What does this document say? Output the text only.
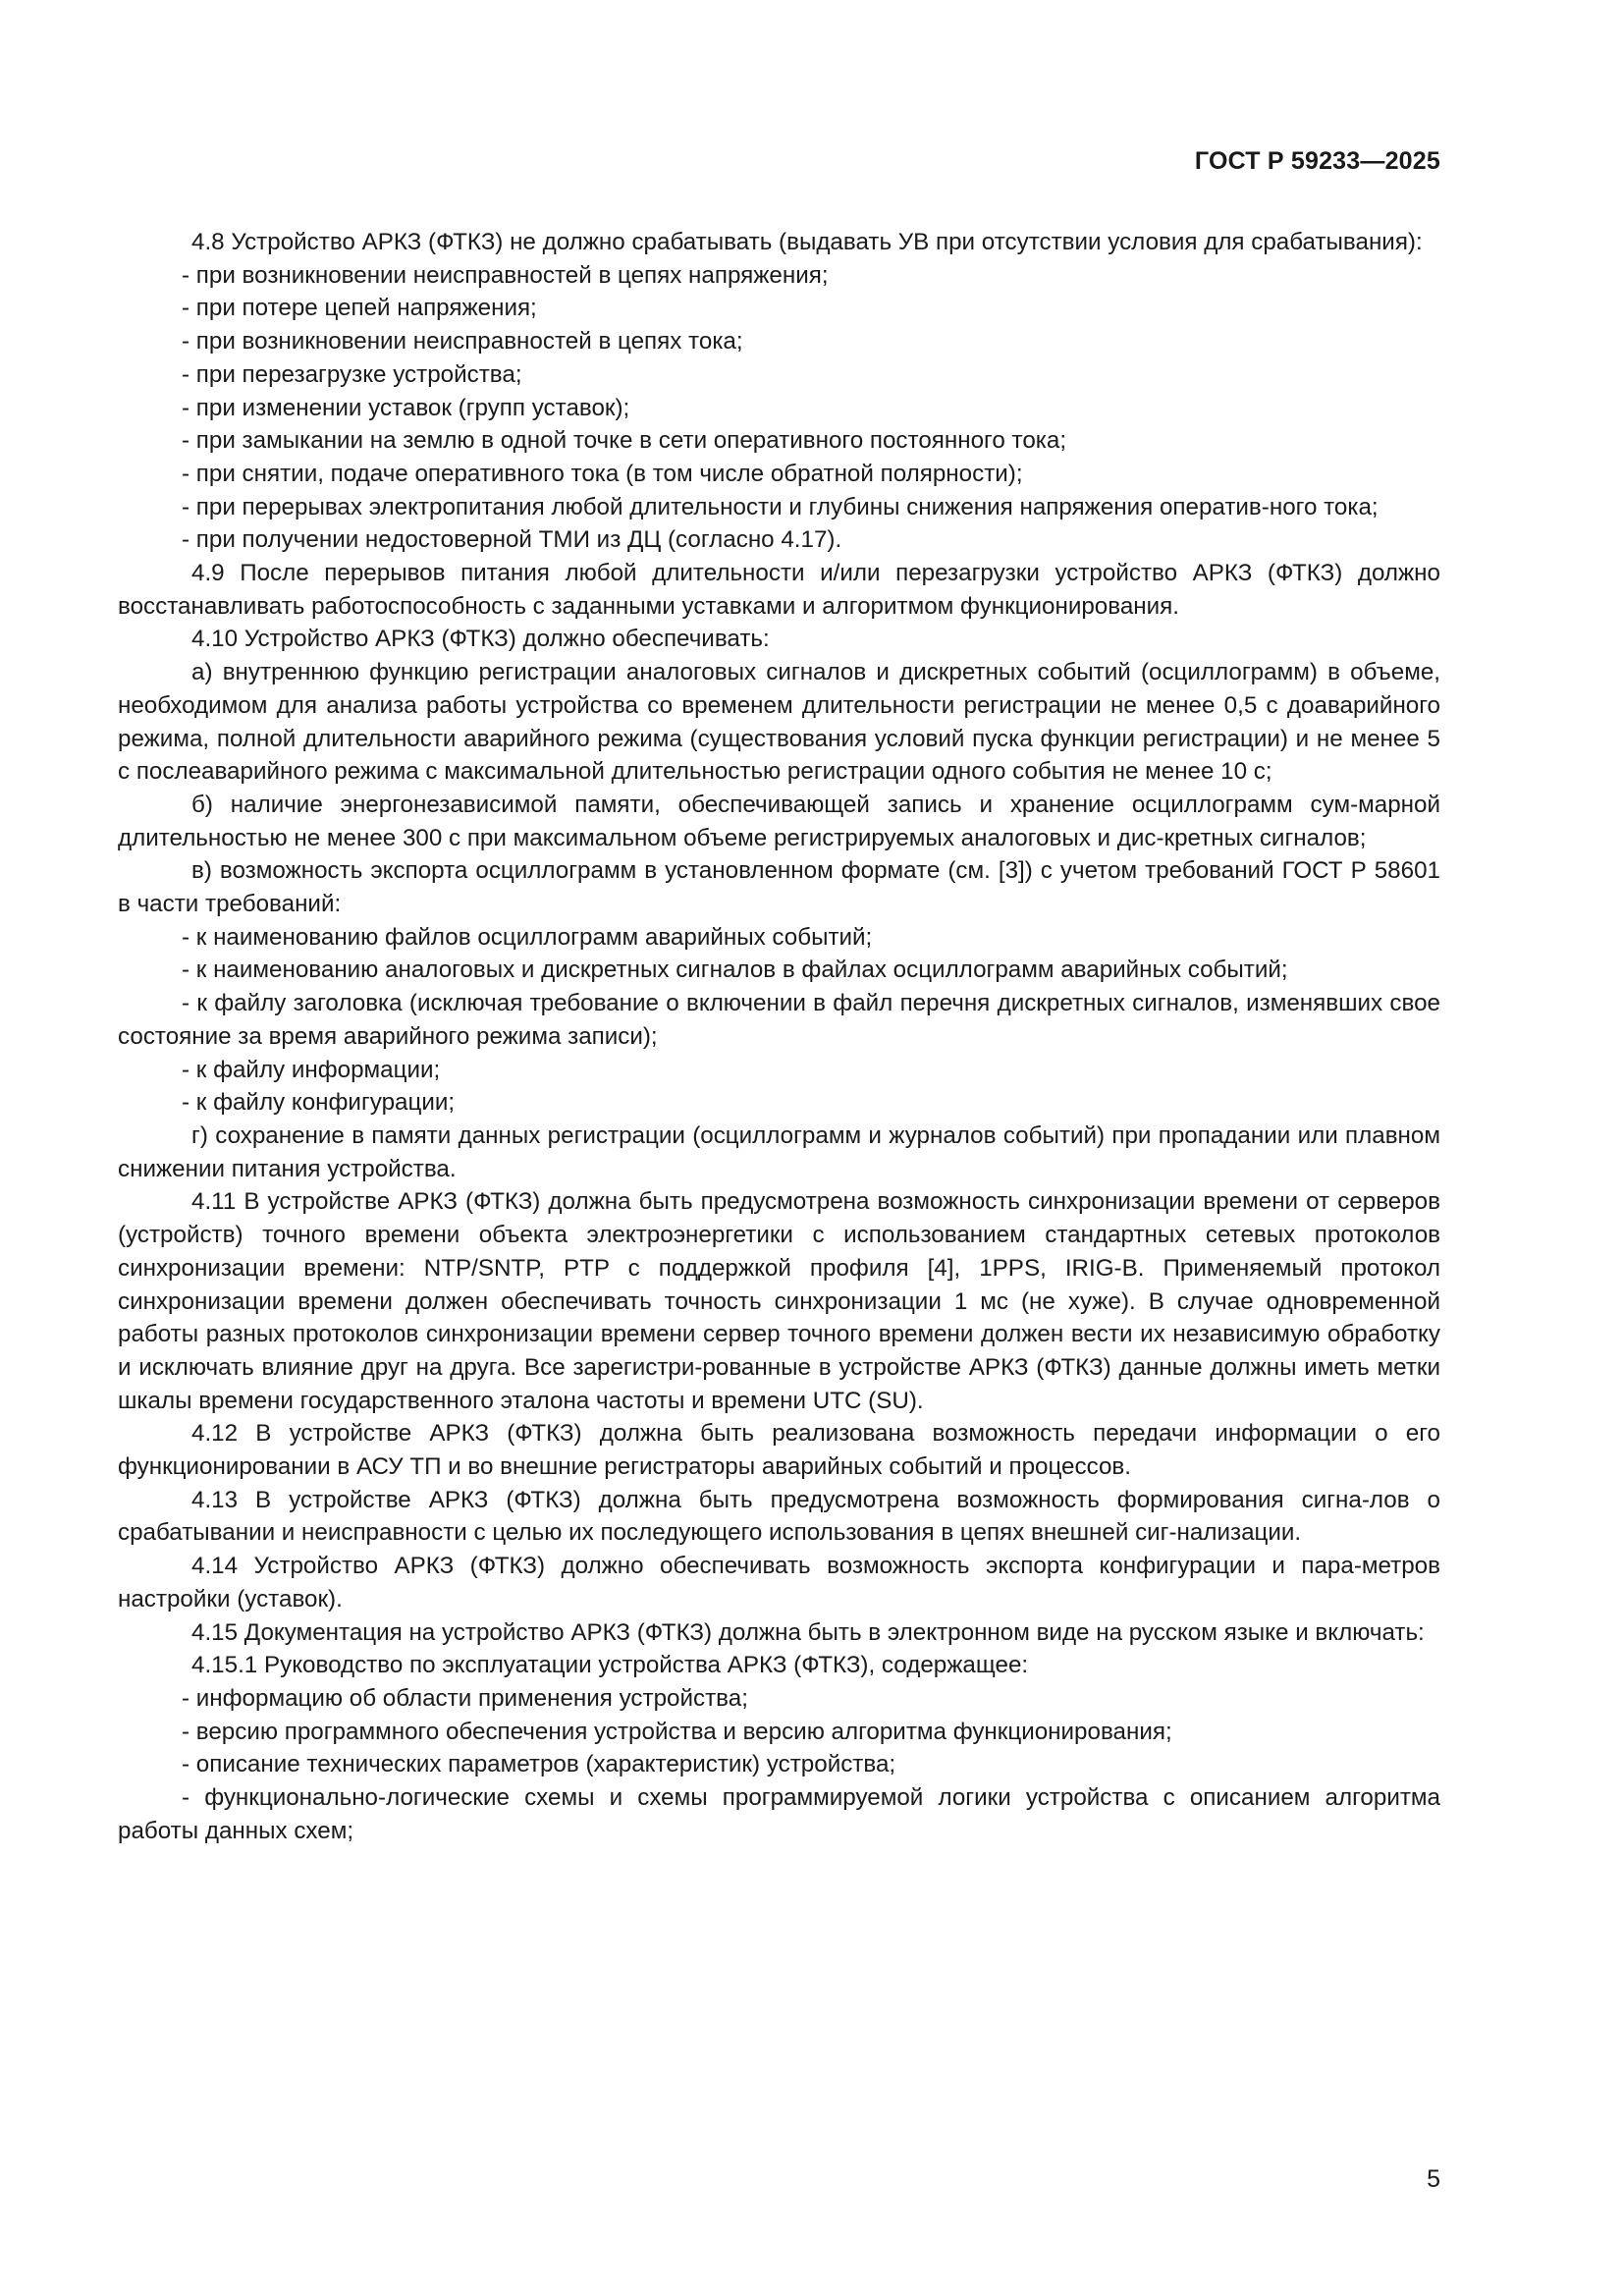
ГОСТ Р 59233—2025

4.8 Устройство АРКЗ (ФТКЗ) не должно срабатывать (выдавать УВ при отсутствии условия для срабатывания):

- при возникновении неисправностей в цепях напряжения;

- при потере цепей напряжения;

- при возникновении неисправностей в цепях тока;

- при перезагрузке устройства;

- при изменении уставок (групп уставок);

- при замыкании на землю в одной точке в сети оперативного постоянного тока;

- при снятии, подаче оперативного тока (в том числе обратной полярности);

- при перерывах электропитания любой длительности и глубины снижения напряжения оператив-ного тока;

- при получении недостоверной ТМИ из ДЦ (согласно 4.17).

4.9 После перерывов питания любой длительности и/или перезагрузки устройство АРКЗ (ФТКЗ) должно восстанавливать работоспособность с заданными уставками и алгоритмом функционирования.

4.10 Устройство АРКЗ (ФТКЗ) должно обеспечивать:

а) внутреннюю функцию регистрации аналоговых сигналов и дискретных событий (осциллограмм) в объеме, необходимом для анализа работы устройства со временем длительности регистрации не менее 0,5 с доаварийного режима, полной длительности аварийного режима (существования условий пуска функции регистрации) и не менее 5 с послеаварийного режима с максимальной длительностью регистрации одного события не менее 10 с;

б) наличие энергонезависимой памяти, обеспечивающей запись и хранение осциллограмм сум-марной длительностью не менее 300 с при максимальном объеме регистрируемых аналоговых и дис-кретных сигналов;

в) возможность экспорта осциллограмм в установленном формате (см. [3]) с учетом требований ГОСТ Р 58601 в части требований:

- к наименованию файлов осциллограмм аварийных событий;

- к наименованию аналоговых и дискретных сигналов в файлах осциллограмм аварийных событий;

- к файлу заголовка (исключая требование о включении в файл перечня дискретных сигналов, изменявших свое состояние за время аварийного режима записи);

- к файлу информации;

- к файлу конфигурации;

г) сохранение в памяти данных регистрации (осциллограмм и журналов событий) при пропадании или плавном снижении питания устройства.

4.11 В устройстве АРКЗ (ФТКЗ) должна быть предусмотрена возможность синхронизации времени от серверов (устройств) точного времени объекта электроэнергетики с использованием стандартных сетевых протоколов синхронизации времени: NTP/SNTP, PTP с поддержкой профиля [4], 1PPS, IRIG-B. Применяемый протокол синхронизации времени должен обеспечивать точность синхронизации 1 мс (не хуже). В случае одновременной работы разных протоколов синхронизации времени сервер точного времени должен вести их независимую обработку и исключать влияние друг на друга. Все зарегистри-рованные в устройстве АРКЗ (ФТКЗ) данные должны иметь метки шкалы времени государственного эталона частоты и времени UTC (SU).

4.12 В устройстве АРКЗ (ФТКЗ) должна быть реализована возможность передачи информации о его функционировании в АСУ ТП и во внешние регистраторы аварийных событий и процессов.

4.13 В устройстве АРКЗ (ФТКЗ) должна быть предусмотрена возможность формирования сигна-лов о срабатывании и неисправности с целью их последующего использования в цепях внешней сиг-нализации.

4.14 Устройство АРКЗ (ФТКЗ) должно обеспечивать возможность экспорта конфигурации и пара-метров настройки (уставок).

4.15 Документация на устройство АРКЗ (ФТКЗ) должна быть в электронном виде на русском языке и включать:

4.15.1 Руководство по эксплуатации устройства АРКЗ (ФТКЗ), содержащее:

- информацию об области применения устройства;

- версию программного обеспечения устройства и версию алгоритма функционирования;

- описание технических параметров (характеристик) устройства;

- функционально-логические схемы и схемы программируемой логики устройства с описанием алгоритма работы данных схем;

5
